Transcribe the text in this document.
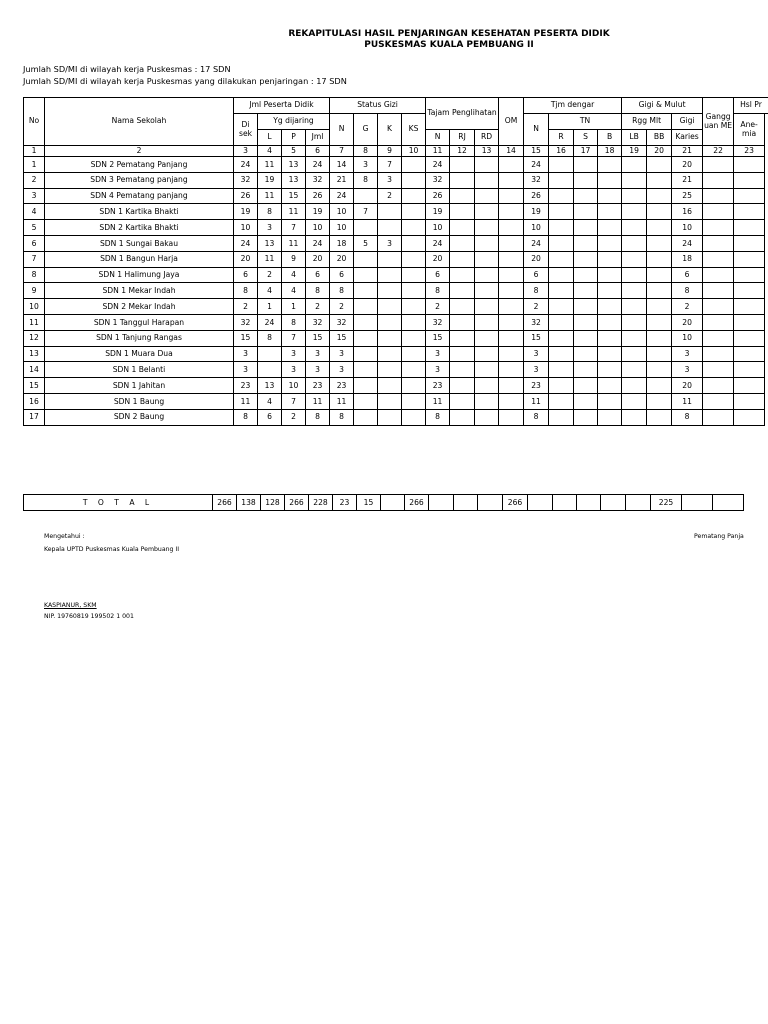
REKAPITULASI HASIL PENJARINGAN KESEHATAN PESERTA DIDIK
PUSKESMAS KUALA PEMBUANG II
Jumlah SD/MI di wilayah kerja Puskesmas : 17 SDN
Jumlah SD/MI di wilayah kerja Puskesmas yang dilakukan penjaringan : 17 SDN
No	Nama Sekolah	Jml Peserta Didik				Status Gizi				Tajam Penglihatan			OM	Tjm dengar				Gigi & Mulut			Gangg uan ME	Hsl Pr	
		Di sek	Yg dijaring			N	G	K	KS					N	TN			Rgg Mlt		Gigi		Ane- mia	
			L	P	Jml					N	RJ	RD			R	S	B	LB	BB	Karies			
1	2	3	4	5	6	7	8	9	10	11	12	13	14	15	16	17	18	19	20	21	22	23	
1	SDN 2 Pematang Panjang	24	11	13	24	14	3	7		24				24						20			
2	SDN 3 Pematang panjang	32	19	13	32	21	8	3		32				32						21			
3	SDN 4 Pematang panjang	26	11	15	26	24		2		26				26						25			
4	SDN 1 Kartika Bhakti	19	8	11	19	10	7			19				19						16			
5	SDN 2 Kartika Bhakti	10	3	7	10	10				10				10						10			
6	SDN 1 Sungai Bakau	24	13	11	24	18	5	3		24				24						24			
7	SDN 1 Bangun Harja	20	11	9	20	20				20				20						18			
8	SDN 1 Halimung Jaya	6	2	4	6	6				6				6						6			
9	SDN 1 Mekar Indah	8	4	4	8	8				8				8						8			
10	SDN 2 Mekar Indah	2	1	1	2	2				2				2						2			
11	SDN 1 Tanggul Harapan	32	24	8	32	32				32				32						20			
12	SDN 1 Tanjung Rangas	15	8	7	15	15				15				15						10			
13	SDN 1 Muara Dua	3		3	3	3				3				3						3			
14	SDN 1 Belanti	3		3	3	3				3				3						3			
15	SDN 1 Jahitan	23	13	10	23	23				23				23						20			
16	SDN 1 Baung	11	4	7	11	11				11				11						11			
17	SDN 2 Baung	8	6	2	8	8				8				8						8			
T O T A L	266	138	128	266	228	23	15		266				266						225			
Mengetahui :
Kepala UPTD Puskesmas Kuala Pembuang II
Pematang Panja
KASPIANUR, SKM
NIP. 19760819 199502 1 001
